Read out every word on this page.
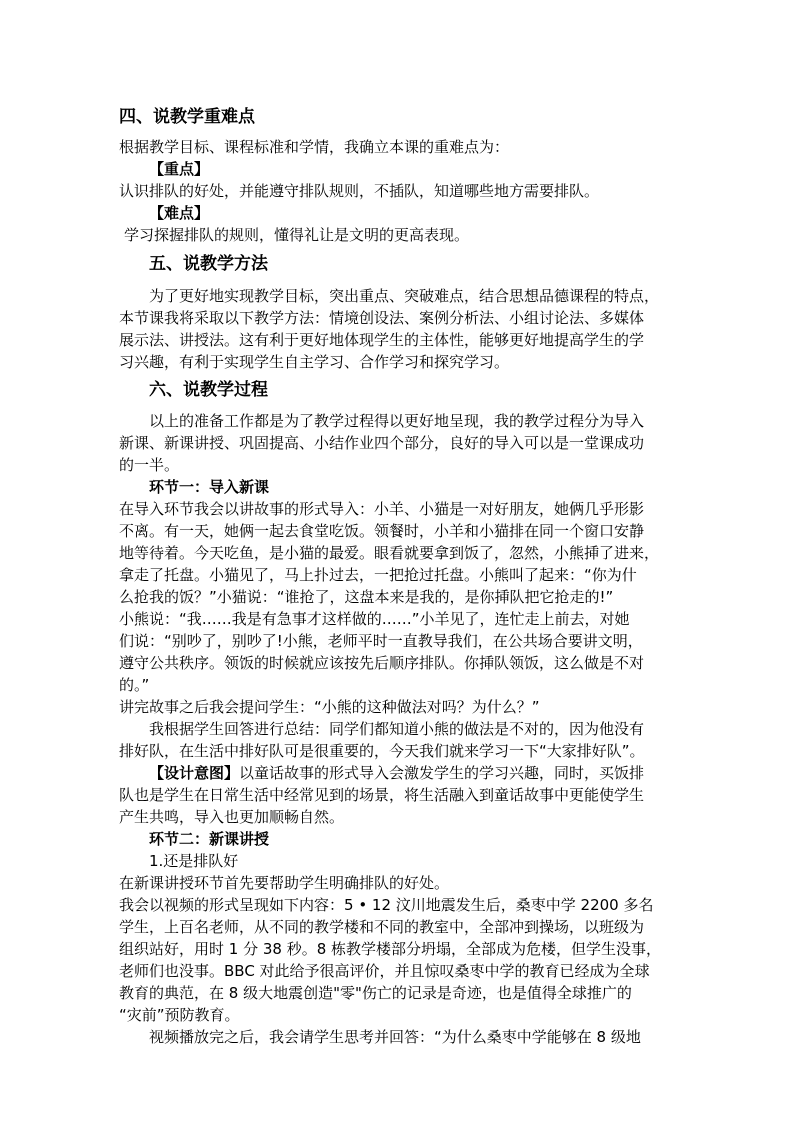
四、说教学重难点
根据教学目标、课程标准和学情，我确立本课的重难点为：
【重点】
认识排队的好处，并能遵守排队规则，不插队，知道哪些地方需要排队。
【难点】
学习探握排队的规则，懂得礼让是文明的更高表现。
五、说教学方法
为了更好地实现教学目标，突出重点、突破难点，结合思想品德课程的特点，
本节课我将采取以下教学方法：情境创设法、案例分析法、小组讨论法、多媒体
展示法、讲授法。这有利于更好地体现学生的主体性，能够更好地提高学生的学
习兴趣，有利于实现学生自主学习、合作学习和探究学习。
六、说教学过程
以上的准备工作都是为了教学过程得以更好地呈现，我的教学过程分为导入
新课、新课讲授、巩固提高、小结作业四个部分，良好的导入可以是一堂课成功
的一半。
环节一：导入新课
在导入环节我会以讲故事的形式导入：小羊、小猫是一对好朋友，她俩几乎形影
不离。有一天，她俩一起去食堂吃饭。领餐时，小羊和小猫排在同一个窗口安静
地等待着。今天吃鱼，是小猫的最爱。眼看就要拿到饭了，忽然，小熊挿了进来，
拿走了托盘。小猫见了，马上扑过去，一把抢过托盘。小熊叫了起来：“你为什
么抢我的饭？”小猫说：“谁抢了，这盘本来是我的，是你挿队把它抢走的!”
小熊说：“我……我是有急事才这样做的……”小羊见了，连忙走上前去，对她
们说：“别吵了，别吵了!小熊，老师平时一直教导我们，在公共场合要讲文明，
遵守公共秩序。领饭的时候就应该按先后顺序排队。你挿队领饭，这么做是不对
的。”
讲完故事之后我会提问学生：“小熊的这种做法对吗？为什么？”
我根据学生回答进行总结：同学们都知道小熊的做法是不对的，因为他没有
排好队，在生活中排好队可是很重要的，今天我们就来学习一下“大家排好队”。
【设计意图】以童话故事的形式导入会激发学生的学习兴趣，同时，买饭排
队也是学生在日常生活中经常见到的场景，将生活融入到童话故事中更能使学生
产生共鸣，导入也更加顺畅自然。
环节二：新课讲授
1.还是排队好
在新课讲授环节首先要帮助学生明确排队的好处。
我会以视频的形式呈现如下内容：5 • 12 汶川地震发生后，桑枣中学 2200 多名
学生，上百名老师，从不同的教学楼和不同的教室中，全部冲到操场，以班级为
组织站好，用时 1 分 38 秒。8 栋教学楼部分坍塌，全部成为危楼，但学生没事，
老师们也没事。BBC 对此给予很高评价，并且惊叹桑枣中学的教育已经成为全球
教育的典范，在 8 级大地震创造"零"伤亡的记录是奇迹，也是值得全球推广的
“灾前”预防教育。
视频播放完之后，我会请学生思考并回答：“为什么桑枣中学能够在 8 级地
